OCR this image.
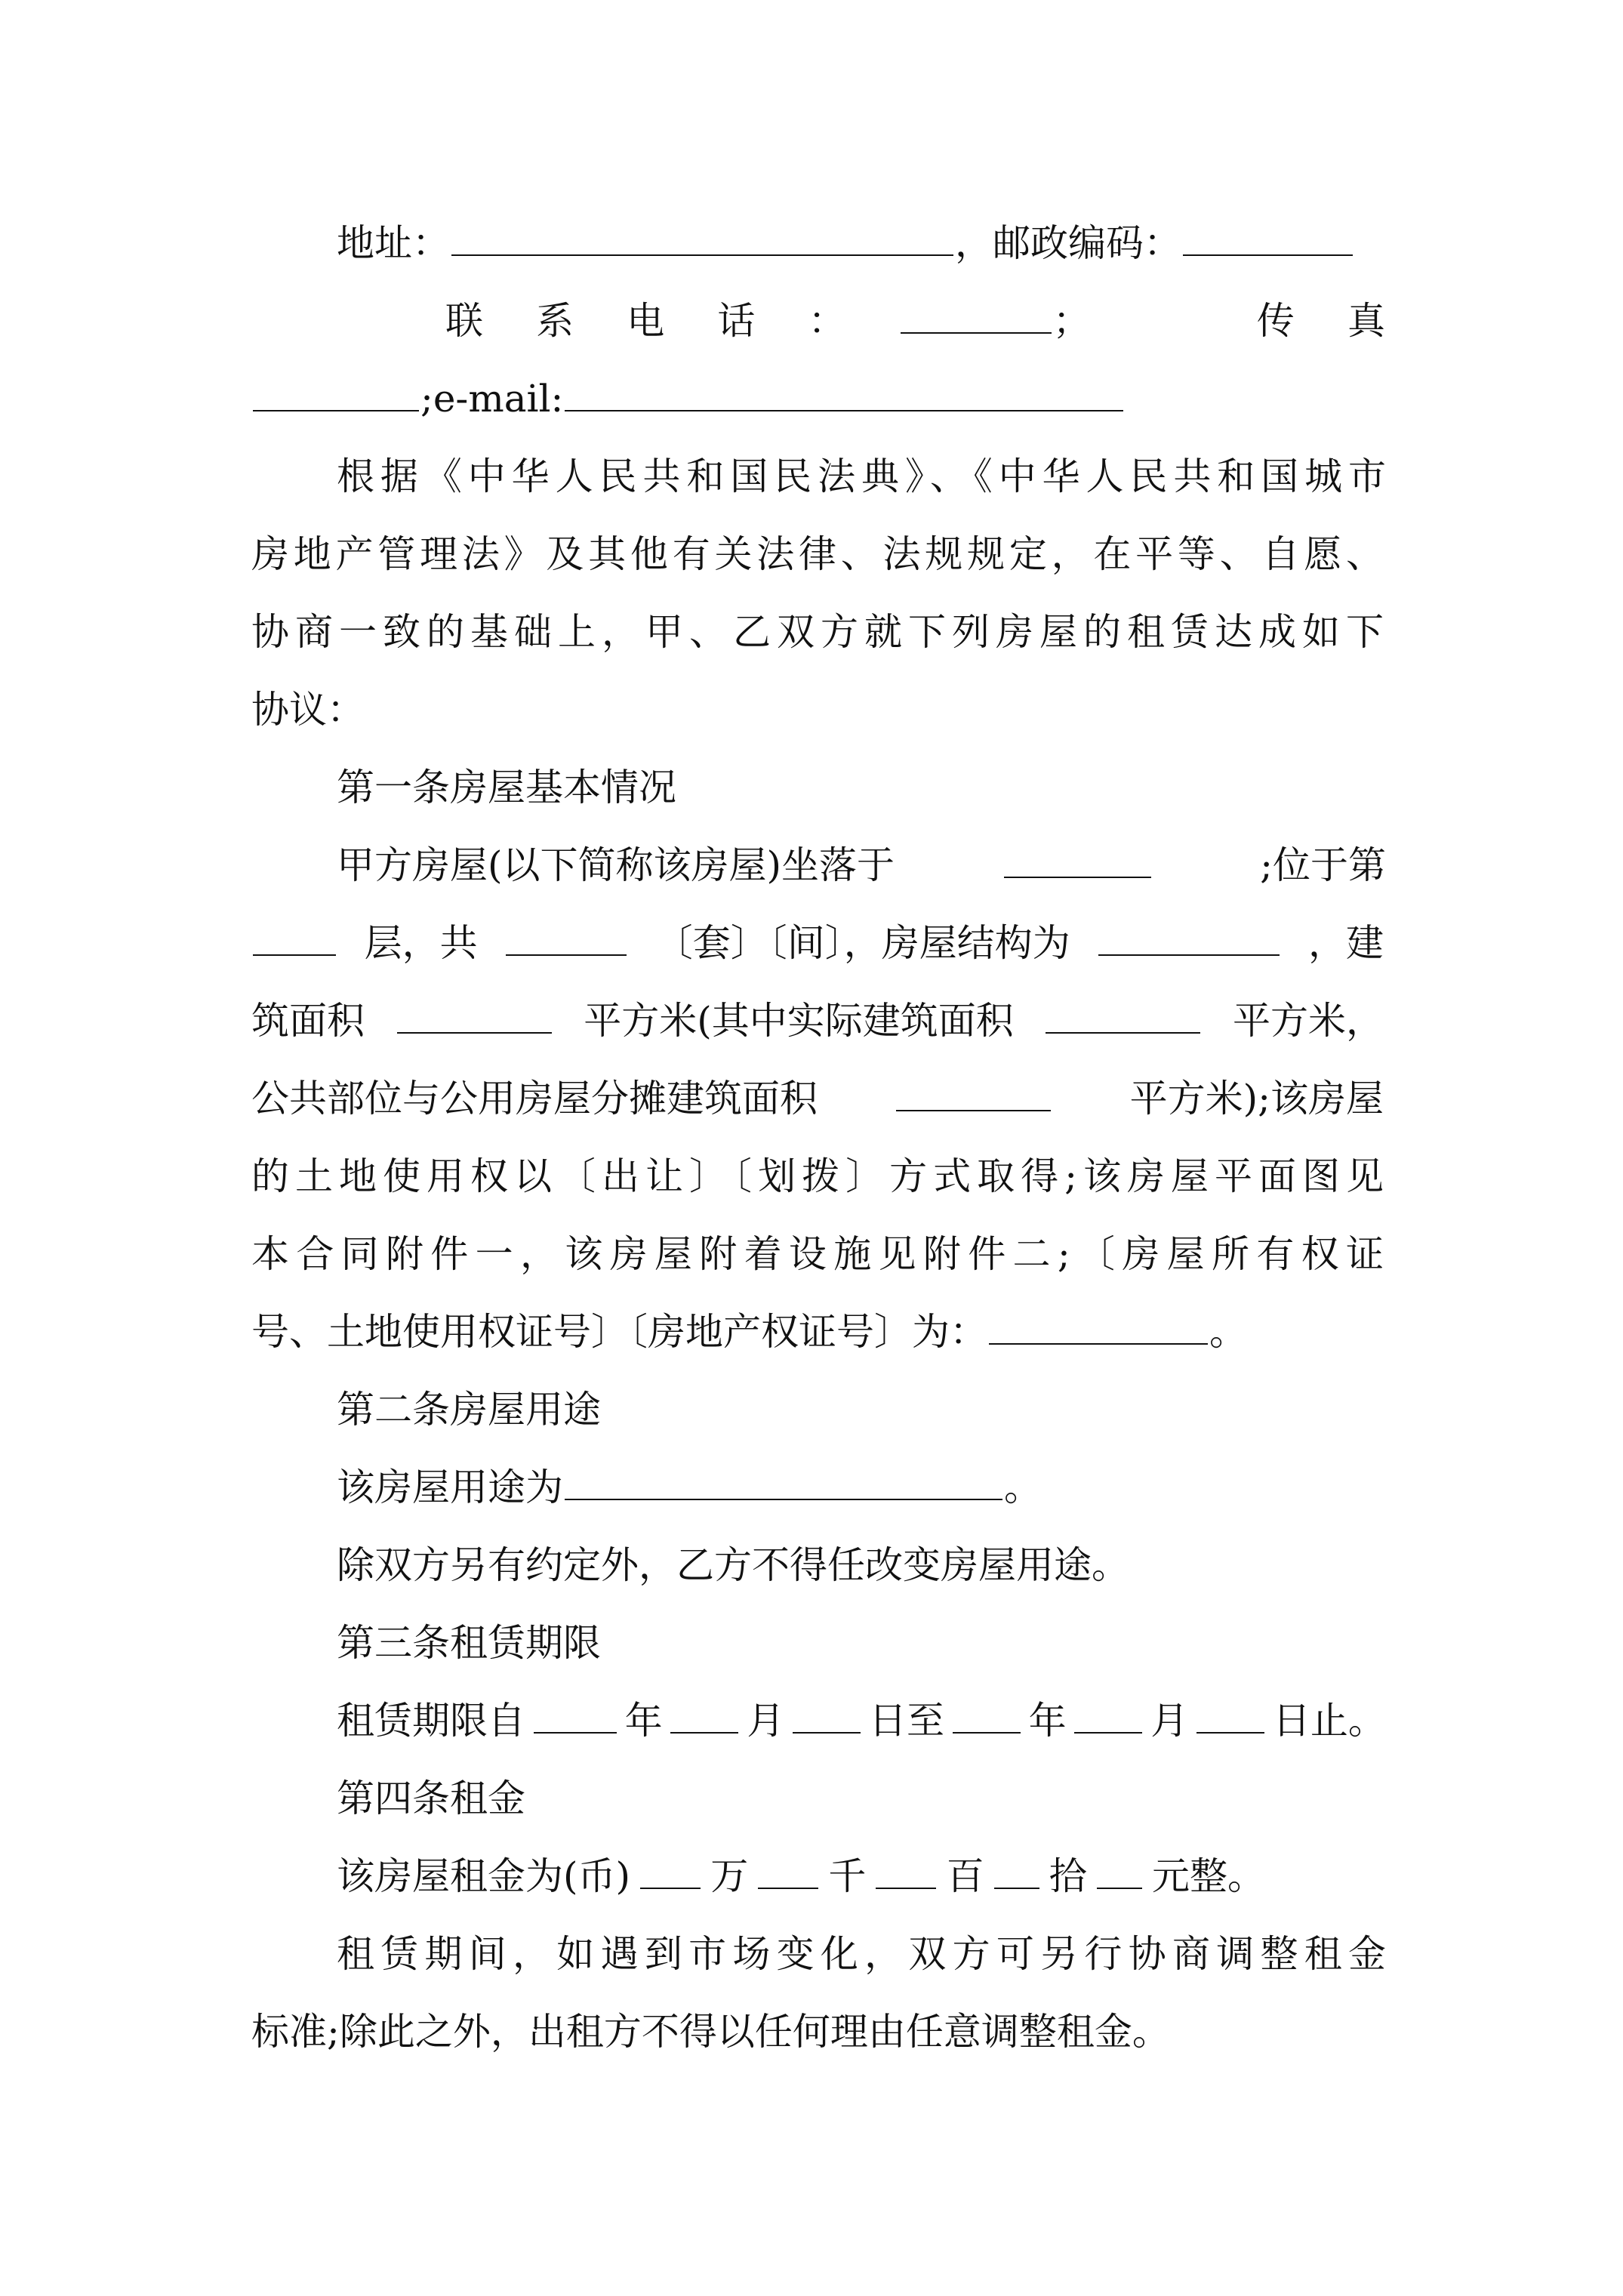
地址：	，邮政编码：
联 系 电 话 ：	；	传 真
;e-mail:
根据《中华人民共和国民法典》、《中华人民共和国城市
房地产管理法》及其他有关法律、法规规定，在平等、自愿、
协商一致的基础上，甲、乙双方就下列房屋的租赁达成如下
协议：
第一条房屋基本情况
甲方房屋(以下简称该房屋)坐落于	;位于第
层，共	〔套〕〔间〕，房屋结构为	，建
筑面积	平方米(其中实际建筑面积	平方米，
公共部位与公用房屋分摊建筑面积	平方米);该房屋
的土地使用权以〔出让〕〔划拨〕方式取得;该房屋平面图见
本合同附件一，该房屋附着设施见附件二;〔房屋所有权证
号、土地使用权证号〕〔房地产权证号〕为：	。
第二条房屋用途
该房屋用途为	。
除双方另有约定外，乙方不得任改变房屋用途。
第三条租赁期限
租赁期限自	年 月 日至 年 月 日止。
第四条租金
该房屋租金为(币) 万 千 百 拾 元整。
租赁期间，如遇到市场变化，双方可另行协商调整租金
标准;除此之外，出租方不得以任何理由任意调整租金。
